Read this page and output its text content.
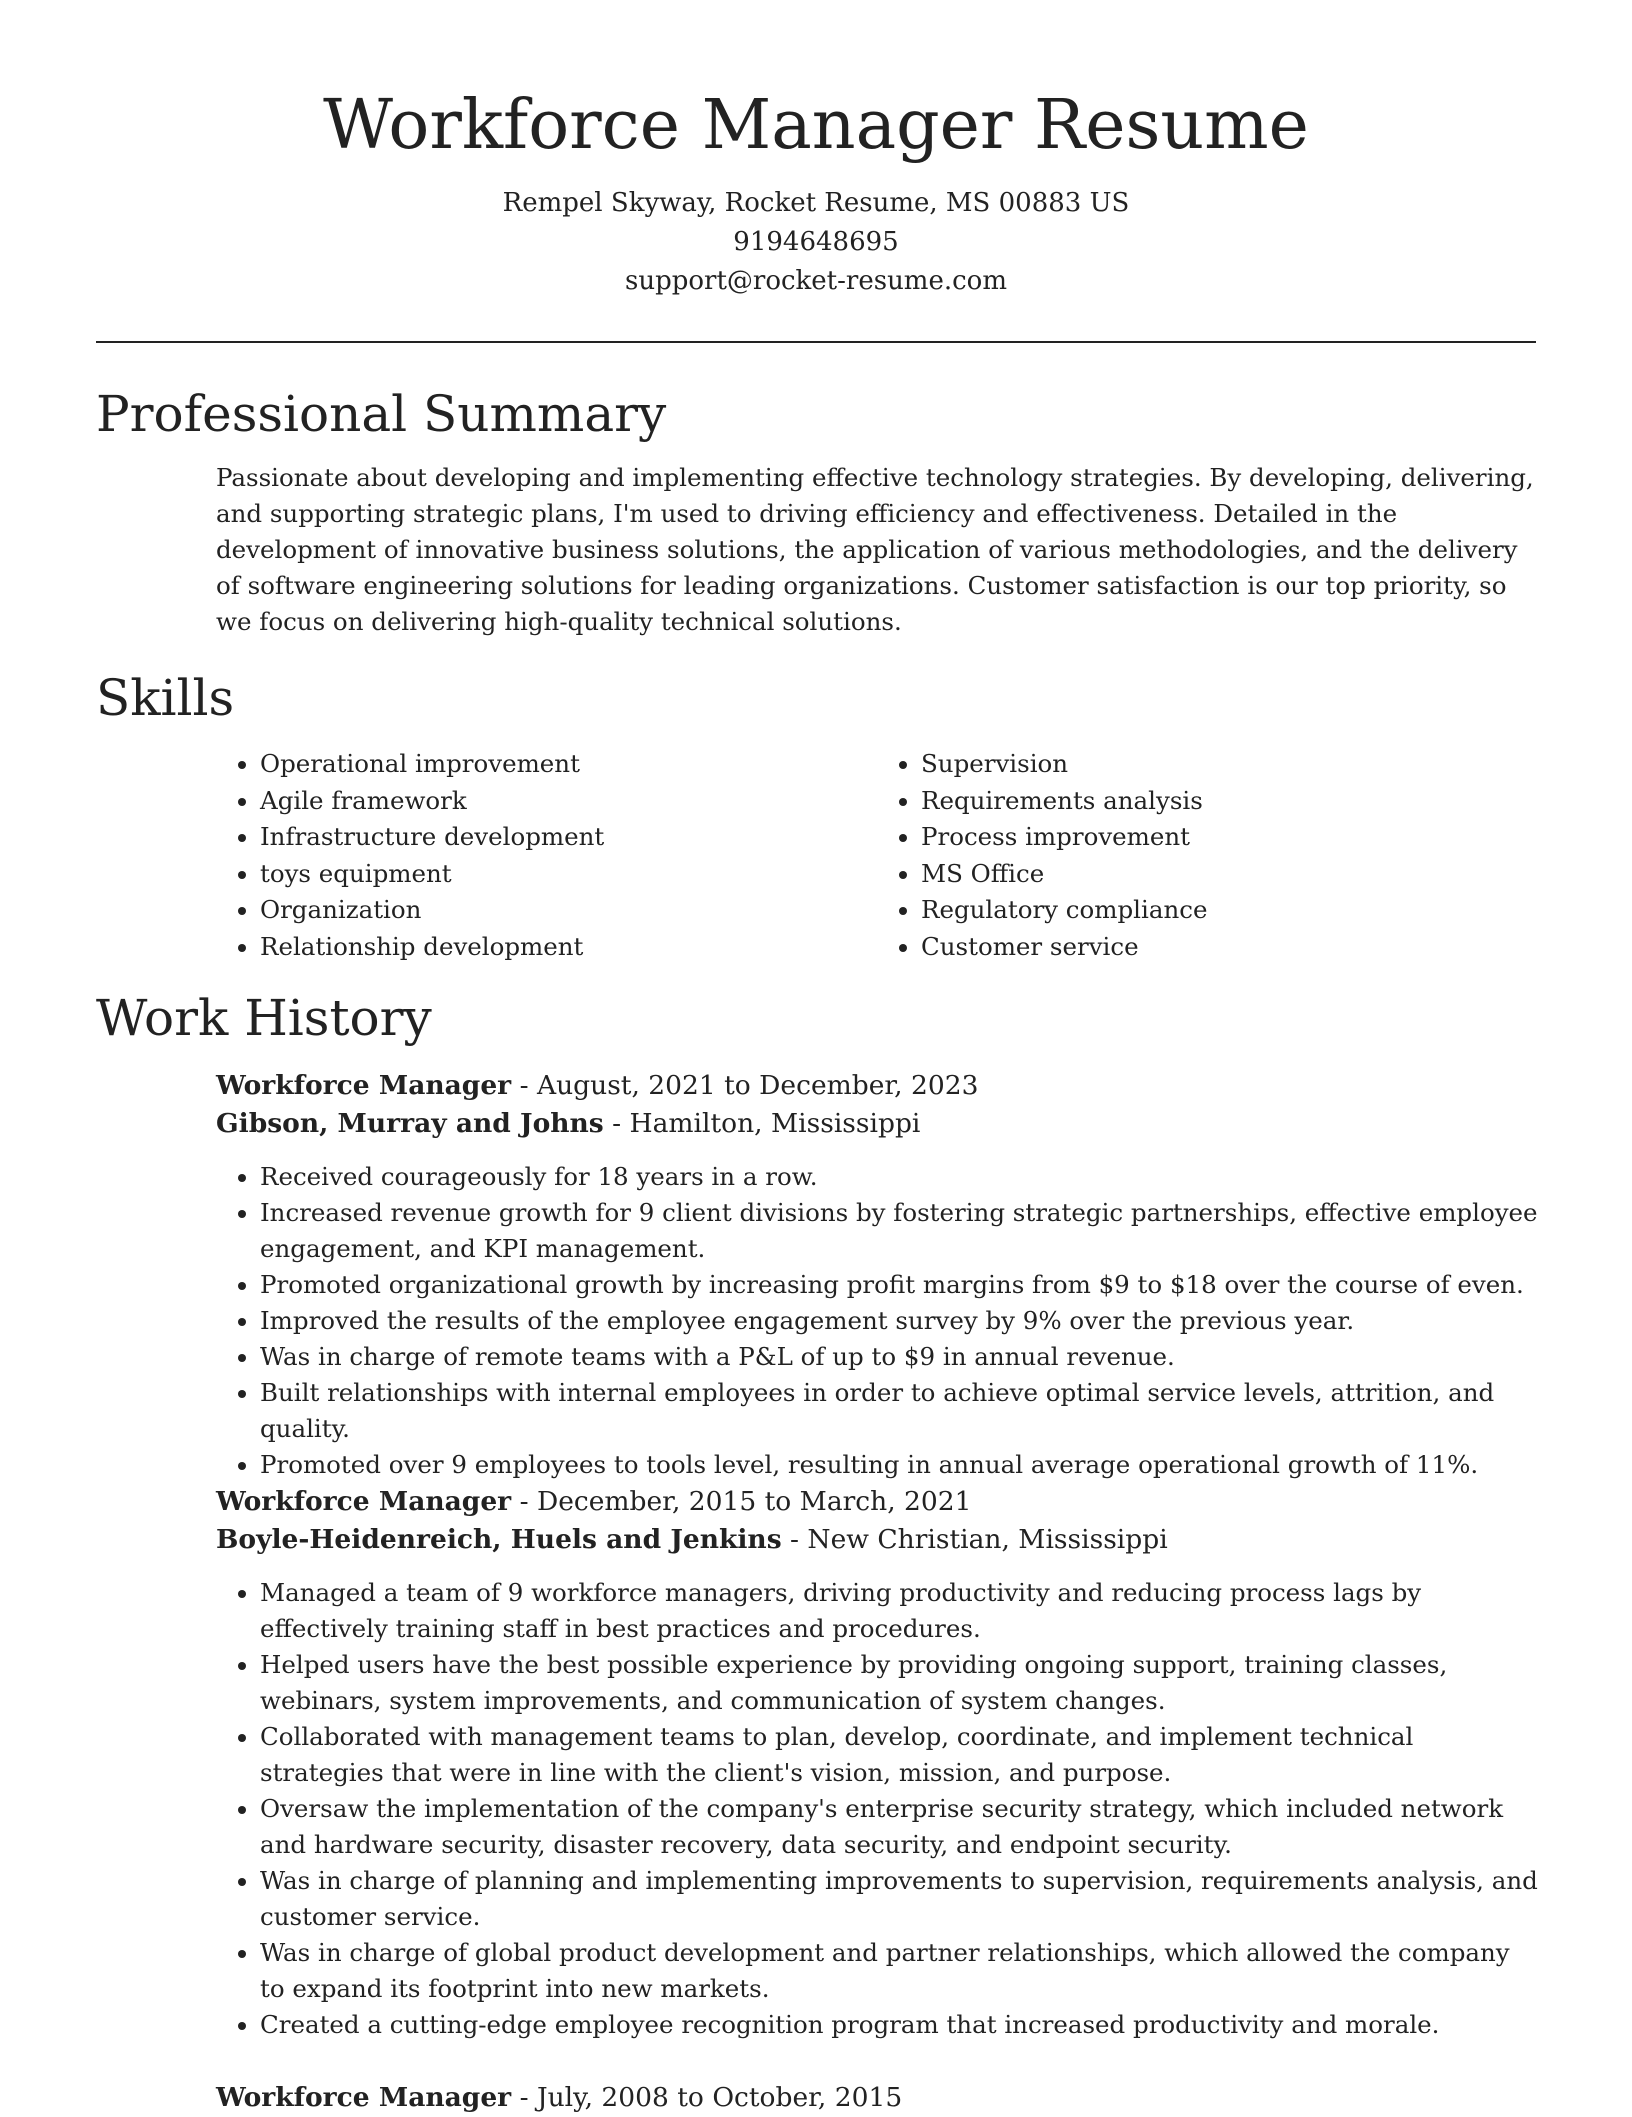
Workforce Manager Resume
Rempel Skyway, Rocket Resume, MS 00883 US
9194648695
support@rocket-resume.com
Professional Summary

Passionate about developing and implementing effective technology strategies. By developing, delivering, and supporting strategic plans, I'm used to driving efficiency and effectiveness. Detailed in the development of innovative business solutions, the application of various methodologies, and the delivery of software engineering solutions for leading organizations. Customer satisfaction is our top priority, so we focus on delivering high-quality technical solutions.

Skills
• Operational improvement
• Agile framework
• Infrastructure development
• toys equipment
• Organization
• Relationship development
• Supervision
• Requirements analysis
• Process improvement
• MS Office
• Regulatory compliance
• Customer service
Work History
Workforce Manager - August, 2021 to December, 2023
Gibson, Murray and Johns - Hamilton, Mississippi
• Received courageously for 18 years in a row.
• Increased revenue growth for 9 client divisions by fostering strategic partnerships, effective employee engagement, and KPI management.
• Promoted organizational growth by increasing profit margins from $9 to $18 over the course of even.
• Improved the results of the employee engagement survey by 9% over the previous year.
• Was in charge of remote teams with a P&L of up to $9 in annual revenue.
• Built relationships with internal employees in order to achieve optimal service levels, attrition, and quality.
• Promoted over 9 employees to tools level, resulting in annual average operational growth of 11%.
Workforce Manager - December, 2015 to March, 2021
Boyle-Heidenreich, Huels and Jenkins - New Christian, Mississippi
• Managed a team of 9 workforce managers, driving productivity and reducing process lags by effectively training staff in best practices and procedures.
• Helped users have the best possible experience by providing ongoing support, training classes, webinars, system improvements, and communication of system changes.
• Collaborated with management teams to plan, develop, coordinate, and implement technical strategies that were in line with the client's vision, mission, and purpose.
• Oversaw the implementation of the company's enterprise security strategy, which included network and hardware security, disaster recovery, data security, and endpoint security.
• Was in charge of planning and implementing improvements to supervision, requirements analysis, and customer service.
• Was in charge of global product development and partner relationships, which allowed the company to expand its footprint into new markets.
• Created a cutting-edge employee recognition program that increased productivity and morale.
Workforce Manager - July, 2008 to October, 2015
